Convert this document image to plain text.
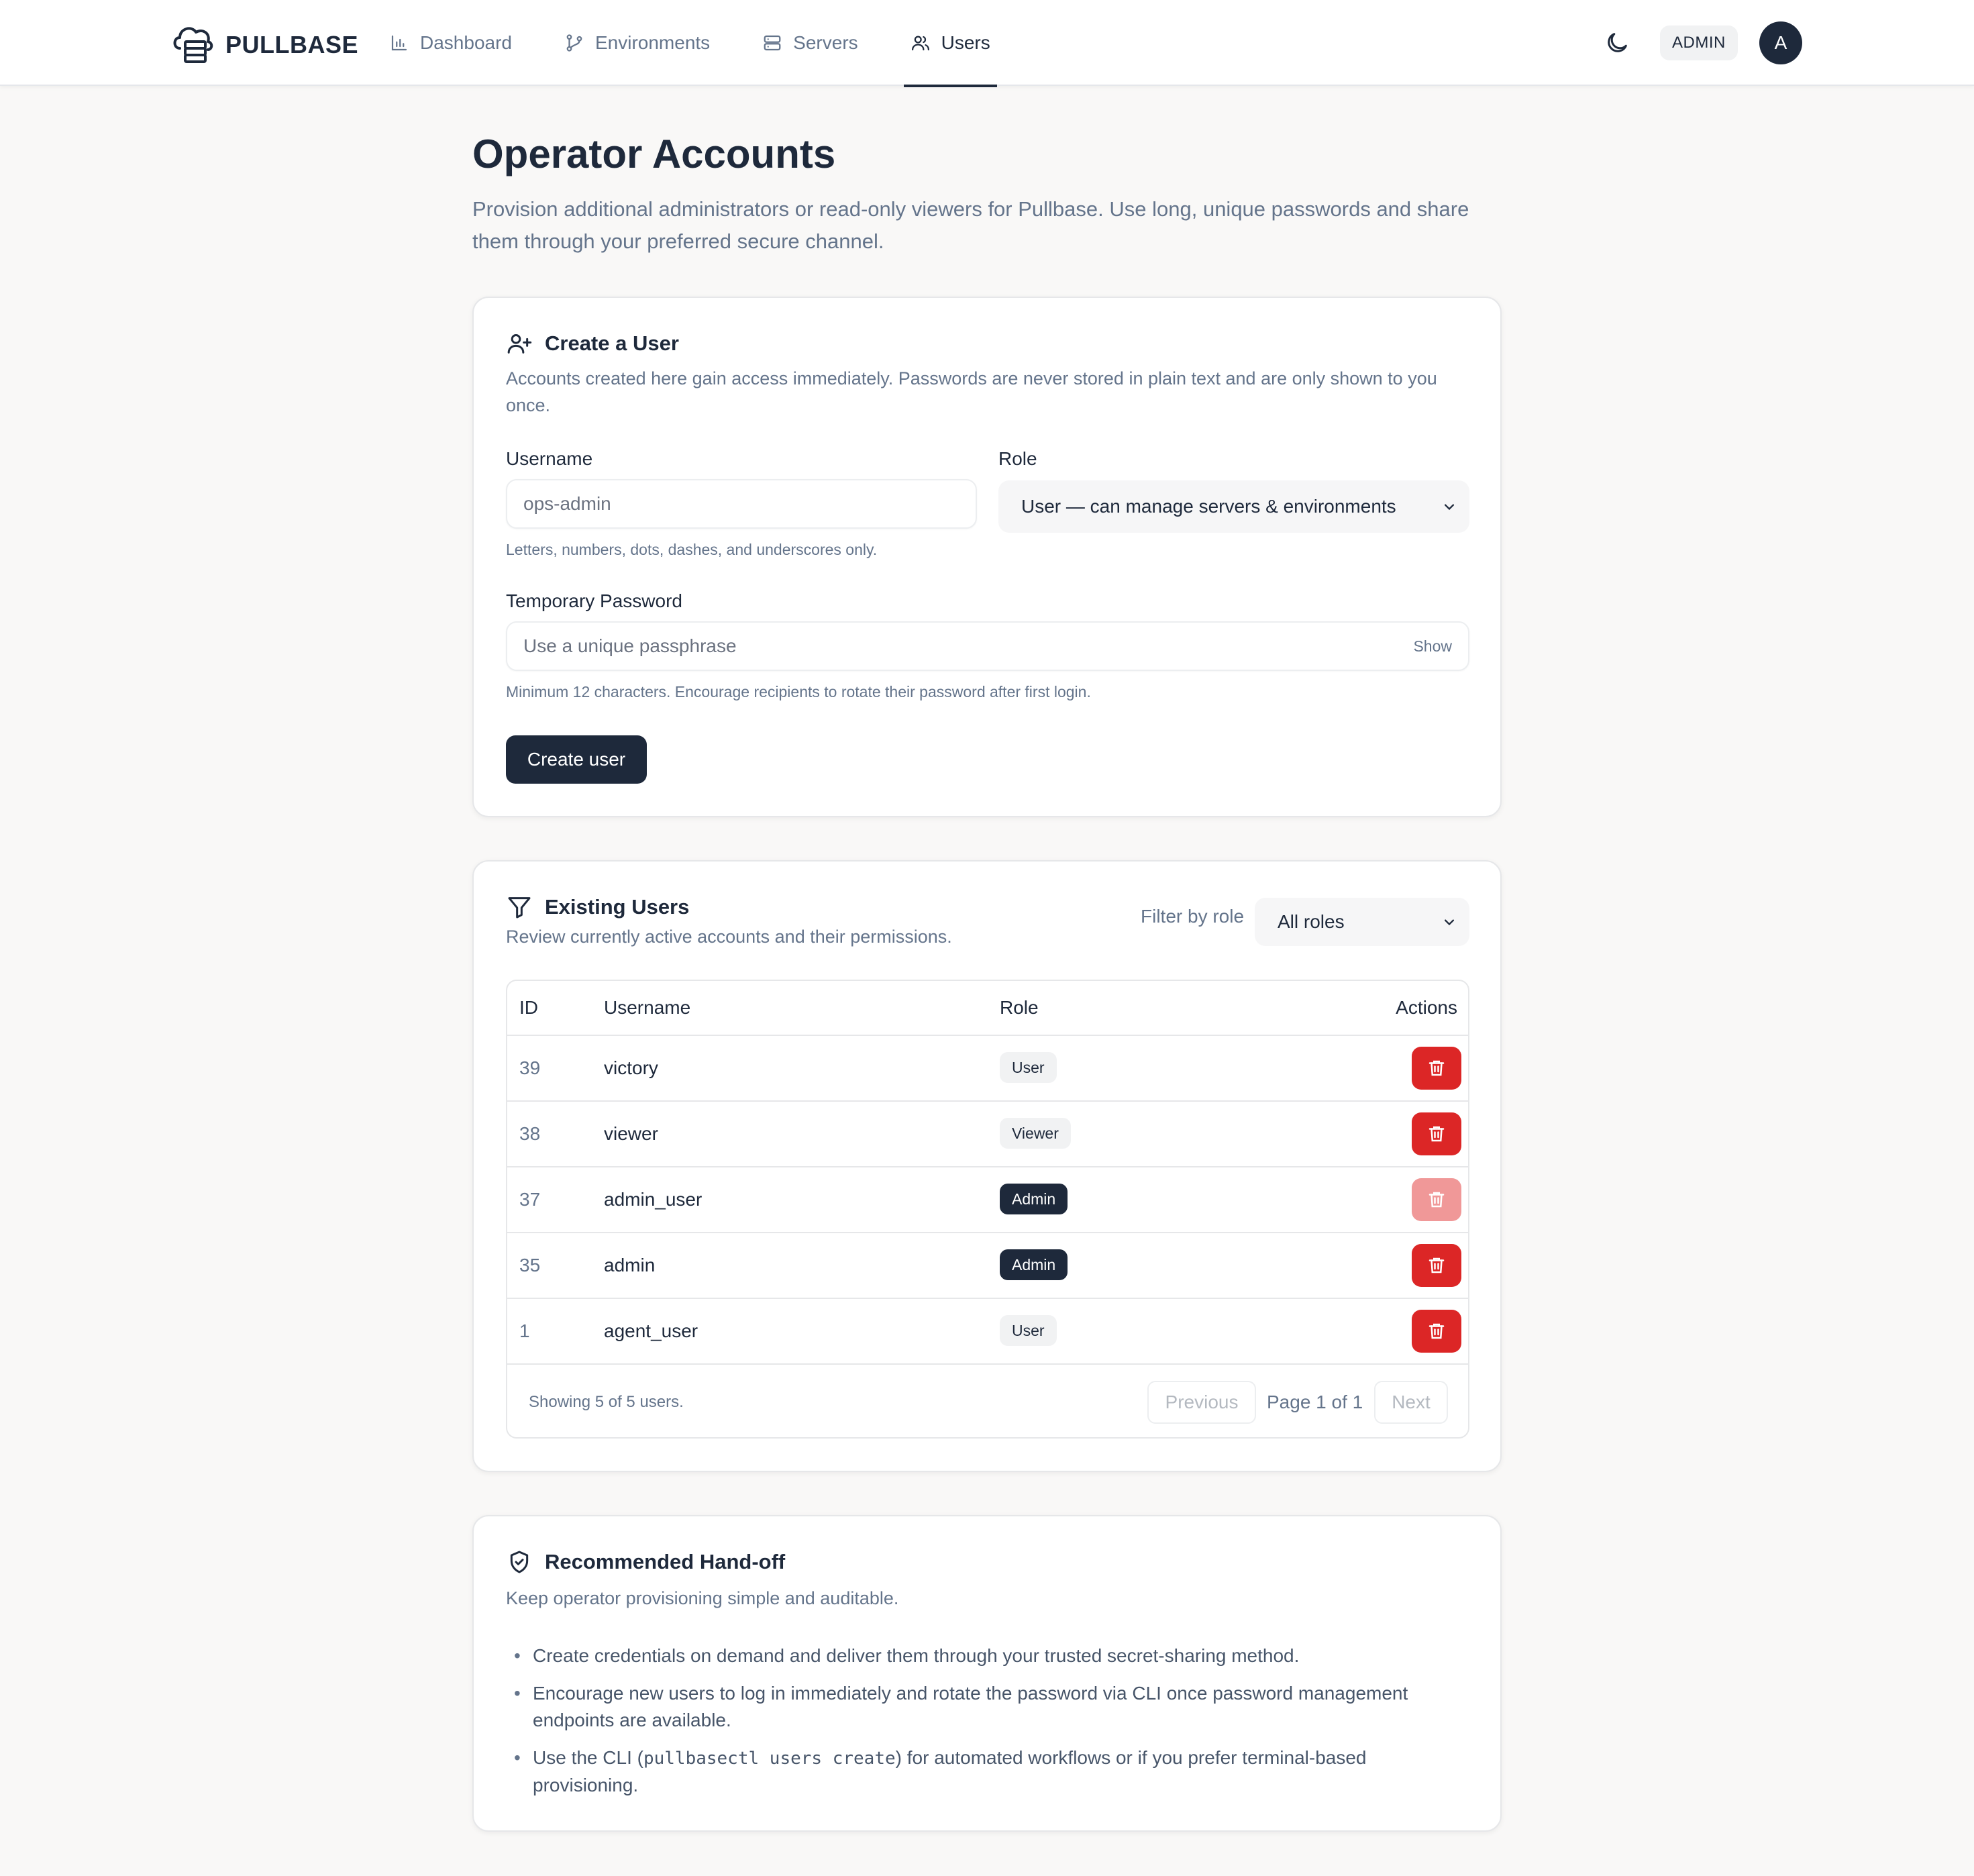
PULLBASE	Dashboard	Environments	Servers	Users	ADMIN	A
Operator Accounts

Provision additional administrators or read-only viewers for Pullbase. Use long, unique passwords and share them through your preferred secure channel.

Create a User

Accounts created here gain access immediately. Passwords are never stored in plain text and are only shown to you once.

Username
ops-admin
Letters, numbers, dots, dashes, and underscores only.
Role
User — can manage servers & environments
Temporary Password
Use a unique passphrase	Show
Minimum 12 characters. Encourage recipients to rotate their password after first login.
Create user
Existing Users

Review currently active accounts and their permissions.

Filter by role All roles
ID	Username	Role	Actions
39	victory	User
38	viewer	Viewer
37	admin_user	Admin
35	admin	Admin
1	agent_user	User
Showing 5 of 5 users.	Previous	Page 1 of 1	Next
Recommended Hand-off

Keep operator provisioning simple and auditable.

• Create credentials on demand and deliver them through your trusted secret-sharing method.
• Encourage new users to log in immediately and rotate the password via CLI once password management endpoints are available.
• Use the CLI (pullbasectl users create) for automated workflows or if you prefer terminal-based provisioning.
